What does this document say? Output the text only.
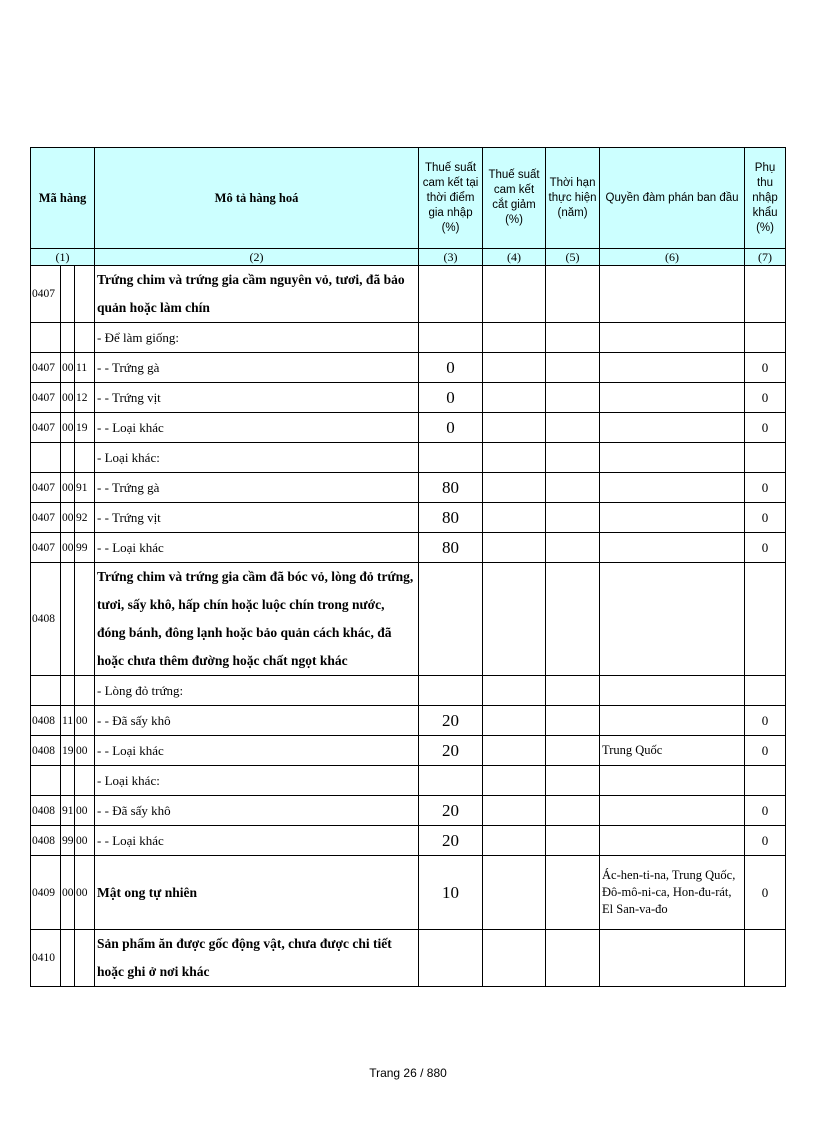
Mã hàng			Mô tả hàng hoá	Thuế suất cam kết tại thời điểm gia nhập (%)	Thuế suất cam kết cắt giảm (%)	Thời hạn thực hiện (năm)	Quyền đàm phán ban đầu	Phụ thu nhập khẩu (%)
(1)			(2)	(3)	(4)	(5)	(6)	(7)
0407			Trứng chim và trứng gia cầm nguyên vỏ, tươi, đã bảo quản hoặc làm chín					
			- Để làm giống:					
0407	00	11	- - Trứng gà	0				0
0407	00	12	- - Trứng vịt	0				0
0407	00	19	- - Loại khác	0				0
			- Loại khác:					
0407	00	91	- - Trứng gà	80				0
0407	00	92	- - Trứng vịt	80				0
0407	00	99	- - Loại khác	80				0
0408			Trứng chim và trứng gia cầm đã bóc vỏ, lòng đỏ trứng, tươi, sấy khô, hấp chín hoặc luộc chín trong nước, đóng bánh, đông lạnh hoặc bảo quản cách khác, đã hoặc chưa thêm đường hoặc chất ngọt khác					
			- Lòng đỏ trứng:					
0408	11	00	- - Đã sấy khô	20				0
0408	19	00	- - Loại khác	20			Trung Quốc	0
			- Loại khác:					
0408	91	00	- - Đã sấy khô	20				0
0408	99	00	- - Loại khác	20				0
0409	00	00	Mật ong tự nhiên	10			Ác-hen-ti-na, Trung Quốc, Đô-mô-ni-ca, Hon-đu-rát, El San-va-đo	0
0410			Sản phẩm ăn được gốc động vật, chưa được chi tiết hoặc ghi ở nơi khác					
Trang 26 / 880
